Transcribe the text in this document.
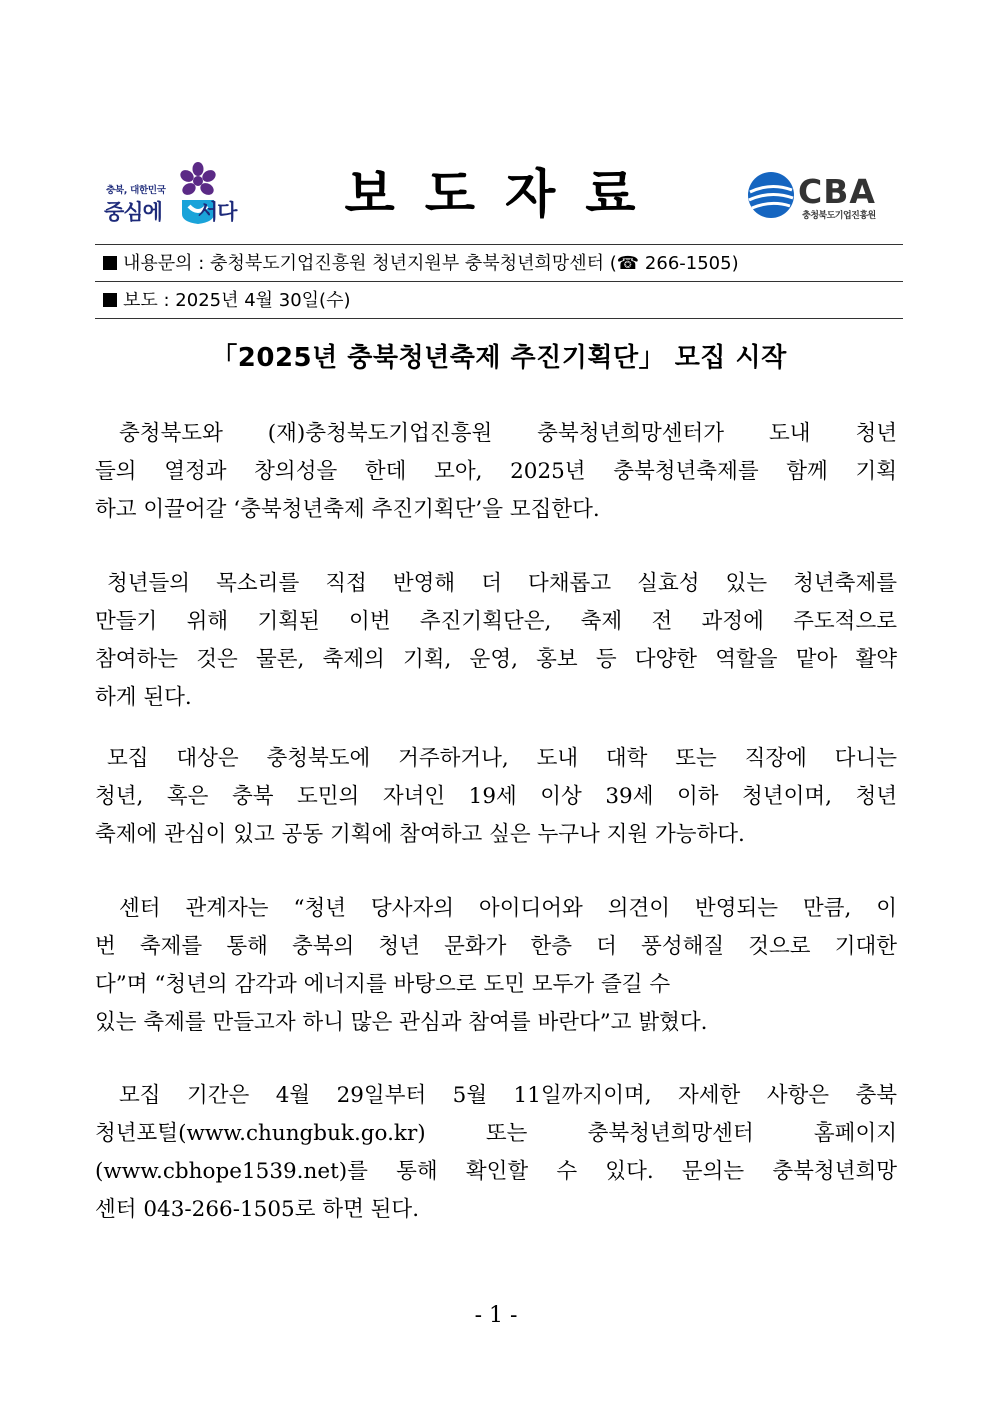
충북, 대한민국
중심에 서다 보도자료	CBA
충청북도기업진흥원
내용문의 : 충청북도기업진흥원 청년지원부 충북청년희망센터 (☎ 266-1505)
보도 : 2025년 4월 30일(수)
「2025년 충북청년축제 추진기획단」 모집 시작

충청북도와 (재)충청북도기업진흥원 충북청년희망센터가 도내 청년

들의 열정과 창의성을 한데 모아, 2025년 충북청년축제를 함께 기획

하고 이끌어갈 ‘충북청년축제 추진기획단’을 모집한다.

청년들의 목소리를 직접 반영해 더 다채롭고 실효성 있는 청년축제를

만들기 위해 기획된 이번 추진기획단은, 축제 전 과정에 주도적으로

참여하는 것은 물론, 축제의 기획, 운영, 홍보 등 다양한 역할을 맡아 활약

하게 된다.

모집 대상은 충청북도에 거주하거나, 도내 대학 또는 직장에 다니는

청년, 혹은 충북 도민의 자녀인 19세 이상 39세 이하 청년이며, 청년

축제에 관심이 있고 공동 기획에 참여하고 싶은 누구나 지원 가능하다.

센터 관계자는 “청년 당사자의 아이디어와 의견이 반영되는 만큼, 이

번 축제를 통해 충북의 청년 문화가 한층 더 풍성해질 것으로 기대한

다”며 “청년의 감각과 에너지를 바탕으로 도민 모두가 즐길 수

있는 축제를 만들고자 하니 많은 관심과 참여를 바란다”고 밝혔다.

모집 기간은 4월 29일부터 5월 11일까지이며, 자세한 사항은 충북

청년포털(www.chungbuk.go.kr) 또는 충북청년희망센터 홈페이지

(www.cbhope1539.net)를 통해 확인할 수 있다. 문의는 충북청년희망

센터 043-266-1505로 하면 된다.

- 1 -
